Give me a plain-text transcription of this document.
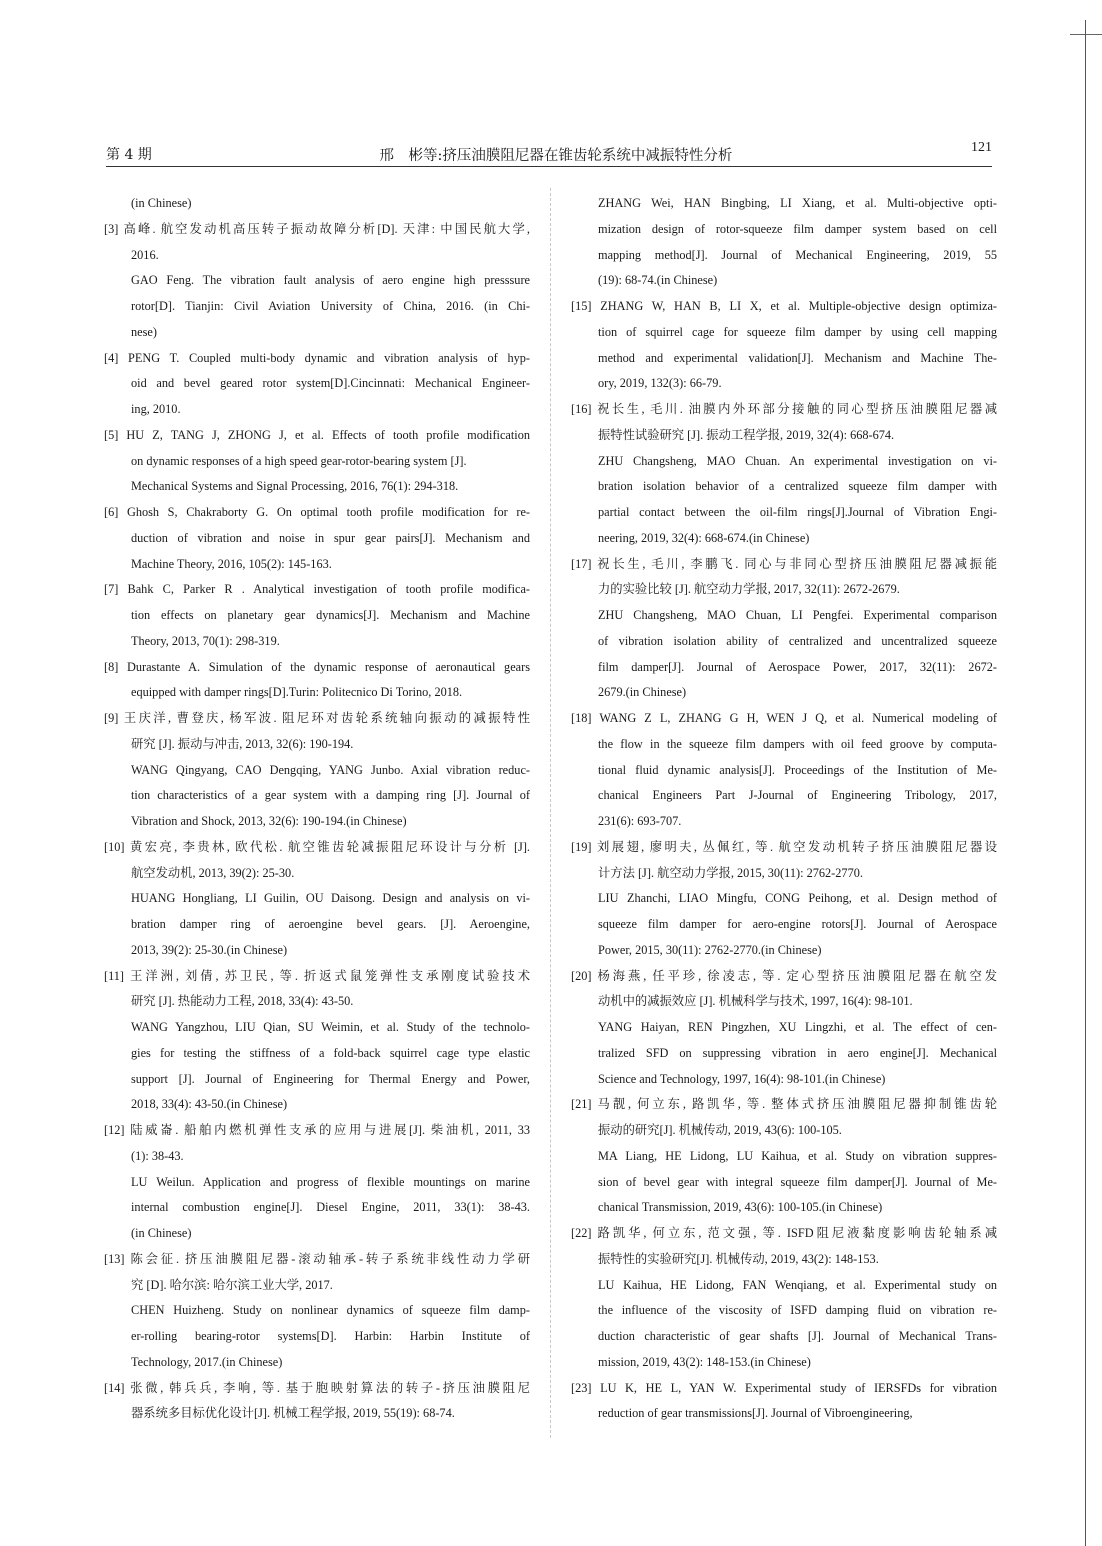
第 4 期	邢　彬等:挤压油膜阻尼器在锥齿轮系统中减振特性分析
121
(in Chinese)
[3] 高峰. 航空发动机高压转子振动故障分析[D]. 天津: 中国民航大学,
2016.
GAO Feng. The vibration fault analysis of aero engine high presssure
rotor[D]. Tianjin: Civil Aviation University of China, 2016. (in Chi-
nese)
[4] PENG T. Coupled multi-body dynamic and vibration analysis of hyp-
oid and bevel geared rotor system[D].Cincinnati: Mechanical Engineer-
ing, 2010.
[5] HU Z, TANG J, ZHONG J, et al. Effects of tooth profile modification
on dynamic responses of a high speed gear-rotor-bearing system [J].
Mechanical Systems and Signal Processing, 2016, 76(1): 294-318.
[6] Ghosh S, Chakraborty G. On optimal tooth profile modification for re-
duction of vibration and noise in spur gear pairs[J]. Mechanism and
Machine Theory, 2016, 105(2): 145-163.
[7] Bahk C, Parker R . Analytical investigation of tooth profile modifica-
tion effects on planetary gear dynamics[J]. Mechanism and Machine
Theory, 2013, 70(1): 298-319.
[8] Durastante A. Simulation of the dynamic response of aeronautical gears
equipped with damper rings[D].Turin: Politecnico Di Torino, 2018.
[9] 王庆洋, 曹登庆, 杨军波. 阻尼环对齿轮系统轴向振动的减振特性
研究 [J]. 振动与冲击, 2013, 32(6): 190-194.
WANG Qingyang, CAO Dengqing, YANG Junbo. Axial vibration reduc-
tion characteristics of a gear system with a damping ring [J]. Journal of
Vibration and Shock, 2013, 32(6): 190-194.(in Chinese)
[10] 黄宏亮, 李贵林, 欧代松. 航空锥齿轮减振阻尼环设计与分析 [J].
航空发动机, 2013, 39(2): 25-30.
HUANG Hongliang, LI Guilin, OU Daisong. Design and analysis on vi-
bration damper ring of aeroengine bevel gears. [J]. Aeroengine,
2013, 39(2): 25-30.(in Chinese)
[11] 王洋洲, 刘倩, 苏卫民, 等. 折返式鼠笼弹性支承刚度试验技术
研究 [J]. 热能动力工程, 2018, 33(4): 43-50.
WANG Yangzhou, LIU Qian, SU Weimin, et al. Study of the technolo-
gies for testing the stiffness of a fold-back squirrel cage type elastic
support [J]. Journal of Engineering for Thermal Energy and Power,
2018, 33(4): 43-50.(in Chinese)
[12] 陆威崙. 船舶内燃机弹性支承的应用与进展[J]. 柴油机, 2011, 33
(1): 38-43.
LU Weilun. Application and progress of flexible mountings on marine
internal combustion engine[J]. Diesel Engine, 2011, 33(1): 38-43.
(in Chinese)
[13] 陈会征. 挤压油膜阻尼器-滚动轴承-转子系统非线性动力学研
究 [D]. 哈尔滨: 哈尔滨工业大学, 2017.
CHEN Huizheng. Study on nonlinear dynamics of squeeze film damp-
er-rolling bearing-rotor systems[D]. Harbin: Harbin Institute of
Technology, 2017.(in Chinese)
[14] 张微, 韩兵兵, 李响, 等. 基于胞映射算法的转子-挤压油膜阻尼
器系统多目标优化设计[J]. 机械工程学报, 2019, 55(19): 68-74.
ZHANG Wei, HAN Bingbing, LI Xiang, et al. Multi-objective opti-
mization design of rotor-squeeze film damper system based on cell
mapping method[J]. Journal of Mechanical Engineering, 2019, 55
(19): 68-74.(in Chinese)
[15] ZHANG W, HAN B, LI X, et al. Multiple-objective design optimiza-
tion of squirrel cage for squeeze film damper by using cell mapping
method and experimental validation[J]. Mechanism and Machine The-
ory, 2019, 132(3): 66-79.
[16] 祝长生, 毛川. 油膜内外环部分接触的同心型挤压油膜阻尼器减
振特性试验研究 [J]. 振动工程学报, 2019, 32(4): 668-674.
ZHU Changsheng, MAO Chuan. An experimental investigation on vi-
bration isolation behavior of a centralized squeeze film damper with
partial contact between the oil-film rings[J].Journal of Vibration Engi-
neering, 2019, 32(4): 668-674.(in Chinese)
[17] 祝长生, 毛川, 李鹏飞. 同心与非同心型挤压油膜阻尼器减振能
力的实验比较 [J]. 航空动力学报, 2017, 32(11): 2672-2679.
ZHU Changsheng, MAO Chuan, LI Pengfei. Experimental comparison
of vibration isolation ability of centralized and uncentralized squeeze
film damper[J]. Journal of Aerospace Power, 2017, 32(11): 2672-
2679.(in Chinese)
[18] WANG Z L, ZHANG G H, WEN J Q, et al. Numerical modeling of
the flow in the squeeze film dampers with oil feed groove by computa-
tional fluid dynamic analysis[J]. Proceedings of the Institution of Me-
chanical Engineers Part J-Journal of Engineering Tribology, 2017,
231(6): 693-707.
[19] 刘展翅, 廖明夫, 丛佩红, 等. 航空发动机转子挤压油膜阻尼器设
计方法 [J]. 航空动力学报, 2015, 30(11): 2762-2770.
LIU Zhanchi, LIAO Mingfu, CONG Peihong, et al. Design method of
squeeze film damper for aero-engine rotors[J]. Journal of Aerospace
Power, 2015, 30(11): 2762-2770.(in Chinese)
[20] 杨海燕, 任平珍, 徐凌志, 等. 定心型挤压油膜阻尼器在航空发
动机中的减振效应 [J]. 机械科学与技术, 1997, 16(4): 98-101.
YANG Haiyan, REN Pingzhen, XU Lingzhi, et al. The effect of cen-
tralized SFD on suppressing vibration in aero engine[J]. Mechanical
Science and Technology, 1997, 16(4): 98-101.(in Chinese)
[21] 马靓, 何立东, 路凯华, 等. 整体式挤压油膜阻尼器抑制锥齿轮
振动的研究[J]. 机械传动, 2019, 43(6): 100-105.
MA Liang, HE Lidong, LU Kaihua, et al. Study on vibration suppres-
sion of bevel gear with integral squeeze film damper[J]. Journal of Me-
chanical Transmission, 2019, 43(6): 100-105.(in Chinese)
[22] 路凯华, 何立东, 范文强, 等. ISFD阻尼液黏度影响齿轮轴系减
振特性的实验研究[J]. 机械传动, 2019, 43(2): 148-153.
LU Kaihua, HE Lidong, FAN Wenqiang, et al. Experimental study on
the influence of the viscosity of ISFD damping fluid on vibration re-
duction characteristic of gear shafts [J]. Journal of Mechanical Trans-
mission, 2019, 43(2): 148-153.(in Chinese)
[23] LU K, HE L, YAN W. Experimental study of IERSFDs for vibration
reduction of gear transmissions[J]. Journal of Vibroengineering,
